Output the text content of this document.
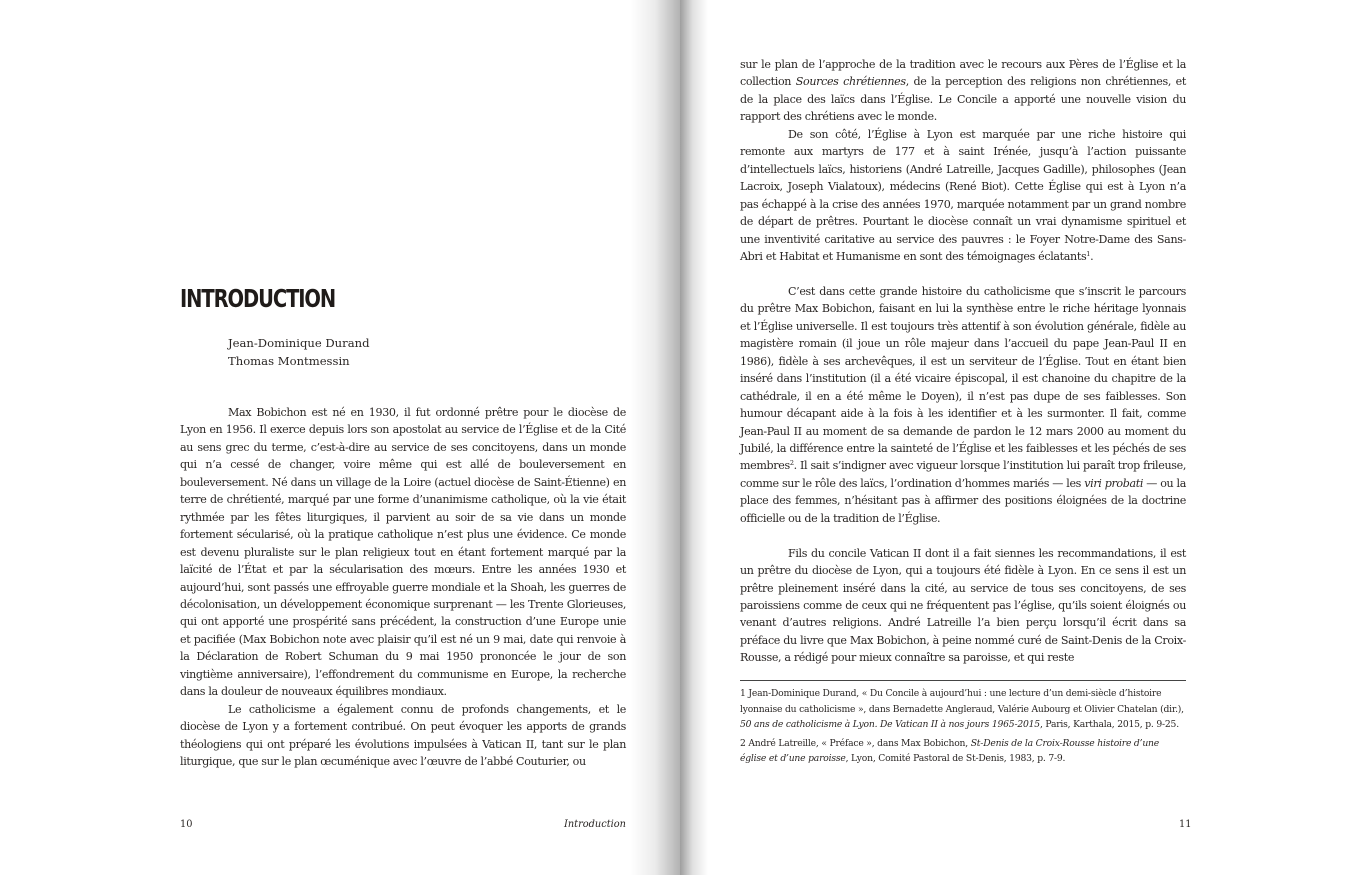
INTRODUCTION
Jean-Dominique Durand
Thomas Montmessin

Max Bobichon est né en 1930, il fut ordonné prêtre pour le diocèse de Lyon en 1956. Il exerce depuis lors son apostolat au service de l’Église et de la Cité au sens grec du terme, c’est-à-dire au service de ses concitoyens, dans un monde qui n’a cessé de changer, voire même qui est allé de bouleversement en bouleversement. Né dans un village de la Loire (actuel diocèse de Saint-Étienne) en terre de chrétienté, marqué par une forme d’unanimisme catholique, où la vie était rythmée par les fêtes liturgiques, il parvient au soir de sa vie dans un monde fortement sécularisé, où la pratique catholique n’est plus une évidence. Ce monde est devenu pluraliste sur le plan religieux tout en étant fortement marqué par la laïcité de l’État et par la sécularisation des mœurs. Entre les années 1930 et aujourd’hui, sont passés une effroyable guerre mondiale et la Shoah, les guerres de décolonisation, un développement économique surprenant — les Trente Glorieuses, qui ont apporté une prospérité sans précédent, la construction d’une Europe unie et pacifiée (Max Bobichon note avec plaisir qu’il est né un 9 mai, date qui renvoie à la Déclaration de Robert Schuman du 9 mai 1950 prononcée le jour de son vingtième anniversaire), l’effondrement du communisme en Europe, la recherche dans la douleur de nouveaux équilibres mondiaux.

Le catholicisme a également connu de profonds changements, et le diocèse de Lyon y a fortement contribué. On peut évoquer les apports de grands théologiens qui ont préparé les évolutions impulsées à Vatican II, tant sur le plan liturgique, que sur le plan œcuménique avec l’œuvre de l’abbé Couturier, ou

10	Introduction

sur le plan de l’approche de la tradition avec le recours aux Pères de l’Église et la collection Sources chrétiennes, de la perception des religions non chrétiennes, et de la place des laïcs dans l’Église. Le Concile a apporté une nouvelle vision du rapport des chrétiens avec le monde.

De son côté, l’Église à Lyon est marquée par une riche histoire qui remonte aux martyrs de 177 et à saint Irénée, jusqu’à l’action puissante d’intellectuels laïcs, historiens (André Latreille, Jacques Gadille), philosophes (Jean Lacroix, Joseph Vialatoux), médecins (René Biot). Cette Église qui est à Lyon n’a pas échappé à la crise des années 1970, marquée notamment par un grand nombre de départ de prêtres. Pourtant le diocèse connaît un vrai dynamisme spirituel et une inventivité caritative au service des pauvres : le Foyer Notre-Dame des Sans-Abri et Habitat et Humanisme en sont des témoignages éclatants$^1$.

C’est dans cette grande histoire du catholicisme que s’inscrit le parcours du prêtre Max Bobichon, faisant en lui la synthèse entre le riche héritage lyonnais et l’Église universelle. Il est toujours très attentif à son évolution générale, fidèle au magistère romain (il joue un rôle majeur dans l’accueil du pape Jean-Paul II en 1986), fidèle à ses archevêques, il est un serviteur de l’Église. Tout en étant bien inséré dans l’institution (il a été vicaire épiscopal, il est chanoine du chapitre de la cathédrale, il en a été même le Doyen), il n’est pas dupe de ses faiblesses. Son humour décapant aide à la fois à les identifier et à les surmonter. Il fait, comme Jean-Paul II au moment de sa demande de pardon le 12 mars 2000 au moment du Jubilé, la différence entre la sainteté de l’Église et les faiblesses et les péchés de ses membres$^2$. Il sait s’indigner avec vigueur lorsque l’institution lui paraît trop frileuse, comme sur le rôle des laïcs, l’ordination d’hommes mariés — les viri probati — ou la place des femmes, n’hésitant pas à affirmer des positions éloignées de la doctrine officielle ou de la tradition de l’Église.

Fils du concile Vatican II dont il a fait siennes les recommandations, il est un prêtre du diocèse de Lyon, qui a toujours été fidèle à Lyon. En ce sens il est un prêtre pleinement inséré dans la cité, au service de tous ses concitoyens, de ses paroissiens comme de ceux qui ne fréquentent pas l’église, qu’ils soient éloignés ou venant d’autres religions. André Latreille l’a bien perçu lorsqu’il écrit dans sa préface du livre que Max Bobichon, à peine nommé curé de Saint-Denis de la Croix-Rousse, a rédigé pour mieux connaître sa paroisse, et qui reste

1 Jean-Dominique Durand, « Du Concile à aujourd’hui : une lecture d’un demi-siècle d’histoire lyonnaise du catholicisme », dans Bernadette Angleraud, Valérie Aubourg et Olivier Chatelan (dir.), 50 ans de catholicisme à Lyon. De Vatican II à nos jours 1965-2015, Paris, Karthala, 2015, p. 9-25.

2 André Latreille, « Préface », dans Max Bobichon, St-Denis de la Croix-Rousse histoire d’une église et d’une paroisse, Lyon, Comité Pastoral de St-Denis, 1983, p. 7-9.

11
